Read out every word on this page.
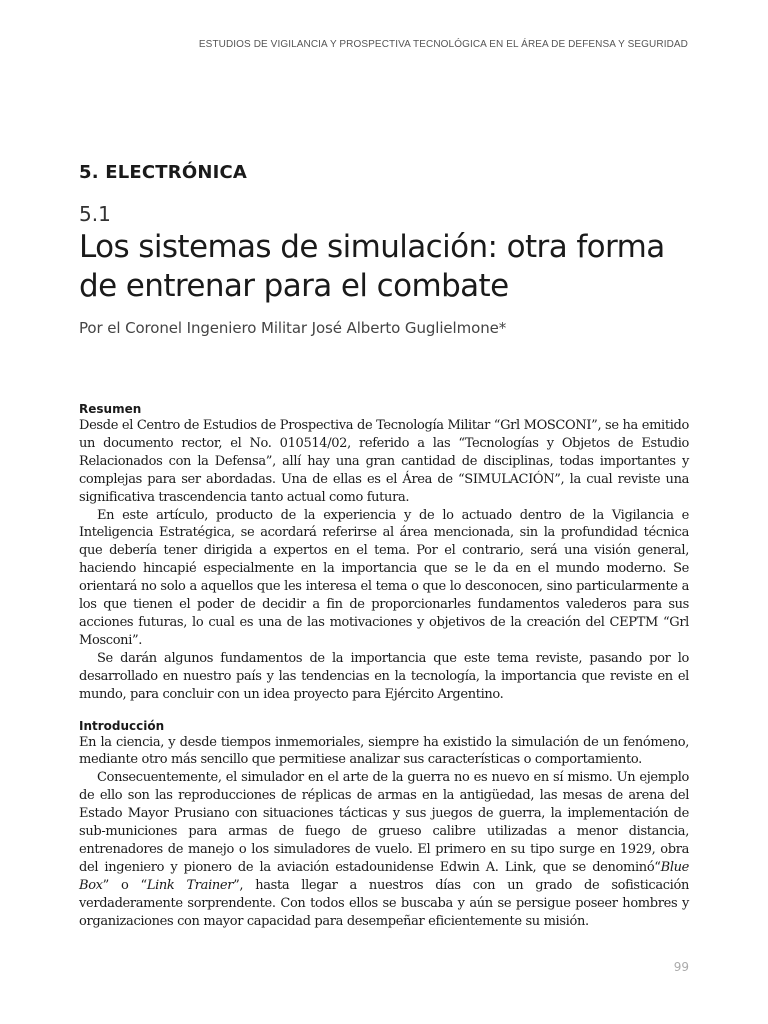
ESTUDIOS DE VIGILANCIA Y PROSPECTIVA TECNOLÓGICA EN EL ÁREA DE DEFENSA Y SEGURIDAD
5. ELECTRÓNICA
5.1
Los sistemas de simulación: otra forma de entrenar para el combate
Por el Coronel Ingeniero Militar José Alberto Guglielmone*

Resumen

Desde el Centro de Estudios de Prospectiva de Tecnología Militar “Grl MOSCONI”, se ha emitido un documento rector, el No. 010514/02, referido a las “Tecnologías y Objetos de Estudio Relacionados con la Defensa”, allí hay una gran cantidad de disciplinas, todas importantes y complejas para ser abordadas. Una de ellas es el Área de “SIMULACIÓN”, la cual reviste una significativa trascendencia tanto actual como futura.

En este artículo, producto de la experiencia y de lo actuado dentro de la Vigilancia e Inteligencia Estratégica, se acordará referirse al área mencionada, sin la profundidad técnica que debería tener dirigida a expertos en el tema. Por el contrario, será una visión general, haciendo hincapié especialmente en la importancia que se le da en el mundo moderno. Se orientará no solo a aquellos que les interesa el tema o que lo desconocen, sino particularmente a los que tienen el poder de decidir a fin de proporcionarles fundamentos valederos para sus acciones futuras, lo cual es una de las motivaciones y objetivos de la creación del CEPTM “Grl Mosconi”.

Se darán algunos fundamentos de la importancia que este tema reviste, pasando por lo desarrollado en nuestro país y las tendencias en la tecnología, la importancia que reviste en el mundo, para concluir con un idea proyecto para Ejército Argentino.

Introducción

En la ciencia, y desde tiempos inmemoriales, siempre ha existido la simulación de un fenómeno, mediante otro más sencillo que permitiese analizar sus características o comportamiento.

Consecuentemente, el simulador en el arte de la guerra no es nuevo en sí mismo. Un ejemplo de ello son las reproducciones de réplicas de armas en la antigüedad, las mesas de arena del Estado Mayor Prusiano con situaciones tácticas y sus juegos de guerra, la implementación de sub-municiones para armas de fuego de grueso calibre utilizadas a menor distancia, entrenadores de manejo o los simuladores de vuelo. El primero en su tipo surge en 1929, obra del ingeniero y pionero de la aviación estadounidense Edwin A. Link, que se denominó“Blue Box” o “Link Trainer”, hasta llegar a nuestros días con un grado de sofisticación verdaderamente sorprendente. Con todos ellos se buscaba y aún se persigue poseer hombres y organizaciones con mayor capacidad para desempeñar eficientemente su misión.

99
